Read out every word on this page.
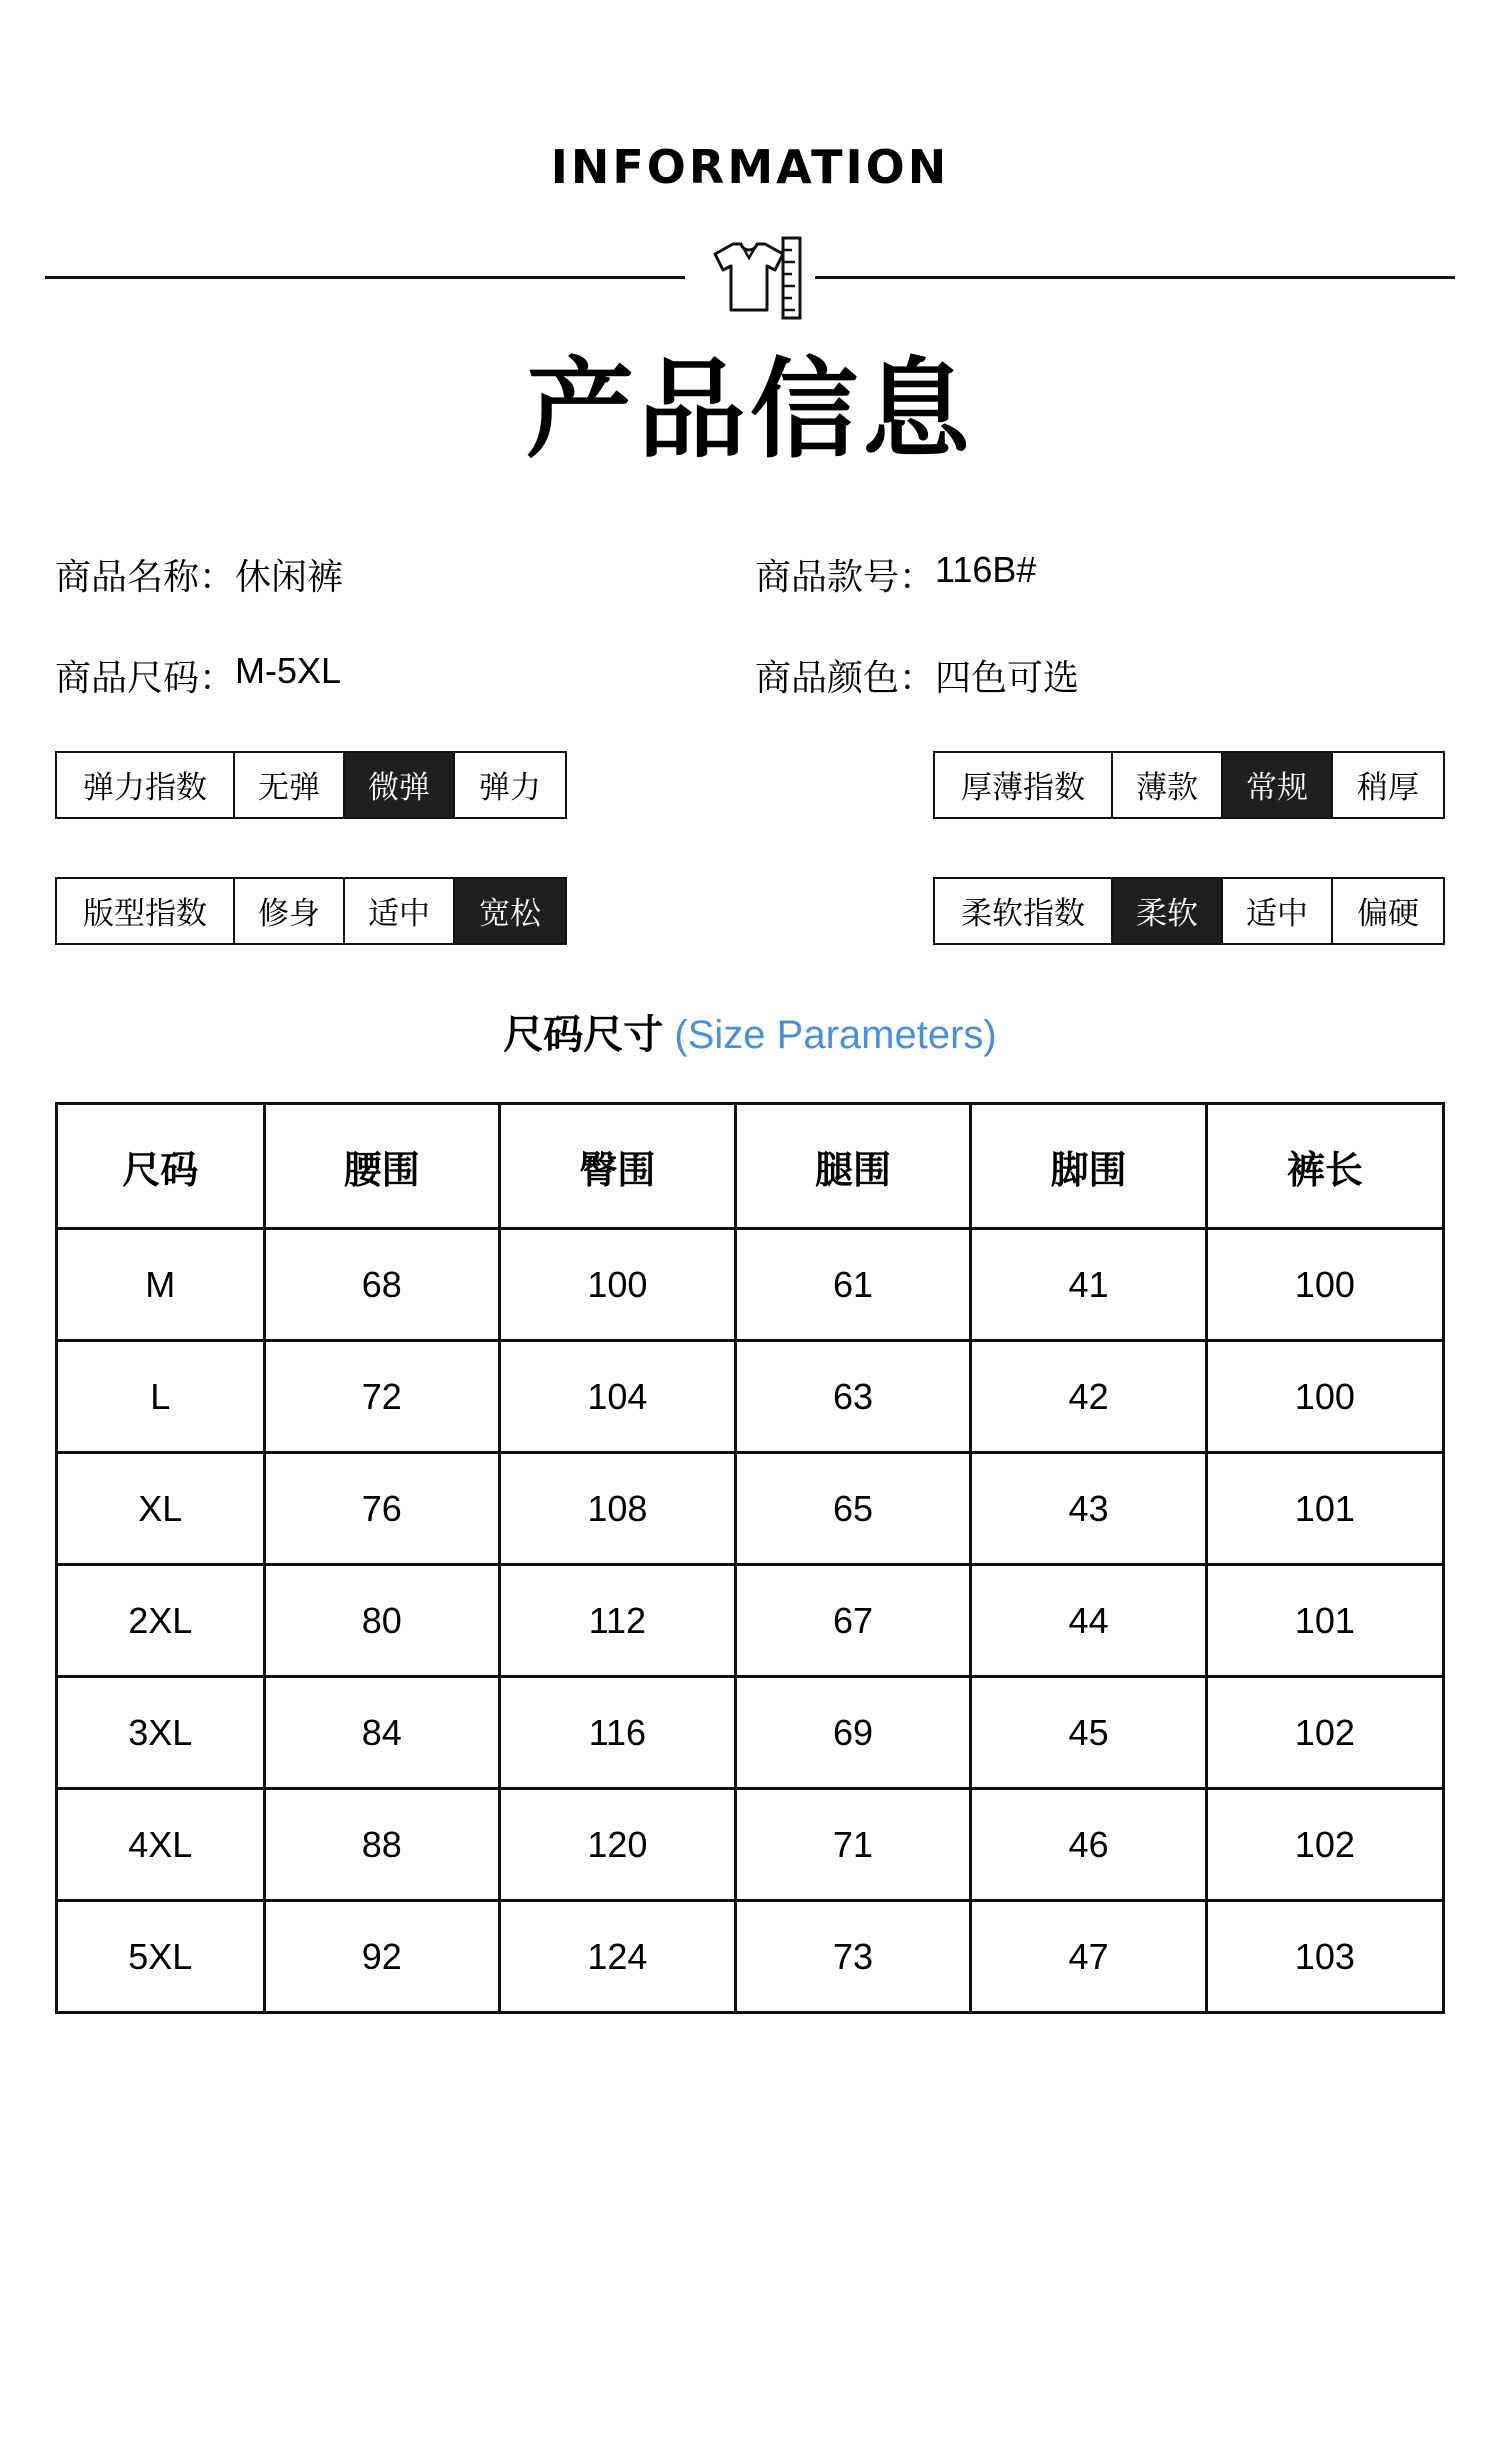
INFORMATION
产品信息
商品名称： 休闲裤	商品款号： 116B#
商品尺码： M-5XL	商品颜色： 四色可选
弹力指数	无弹	微弹	弹力	厚薄指数	薄款	常规	稍厚
版型指数	修身	适中	宽松	柔软指数	柔软	适中	偏硬
尺码尺寸 (Size Parameters)
尺码	腰围	臀围	腿围	脚围	裤长
M	68	100	61	41	100
L	72	104	63	42	100
XL	76	108	65	43	101
2XL	80	112	67	44	101
3XL	84	116	69	45	102
4XL	88	120	71	46	102
5XL	92	124	73	47	103
